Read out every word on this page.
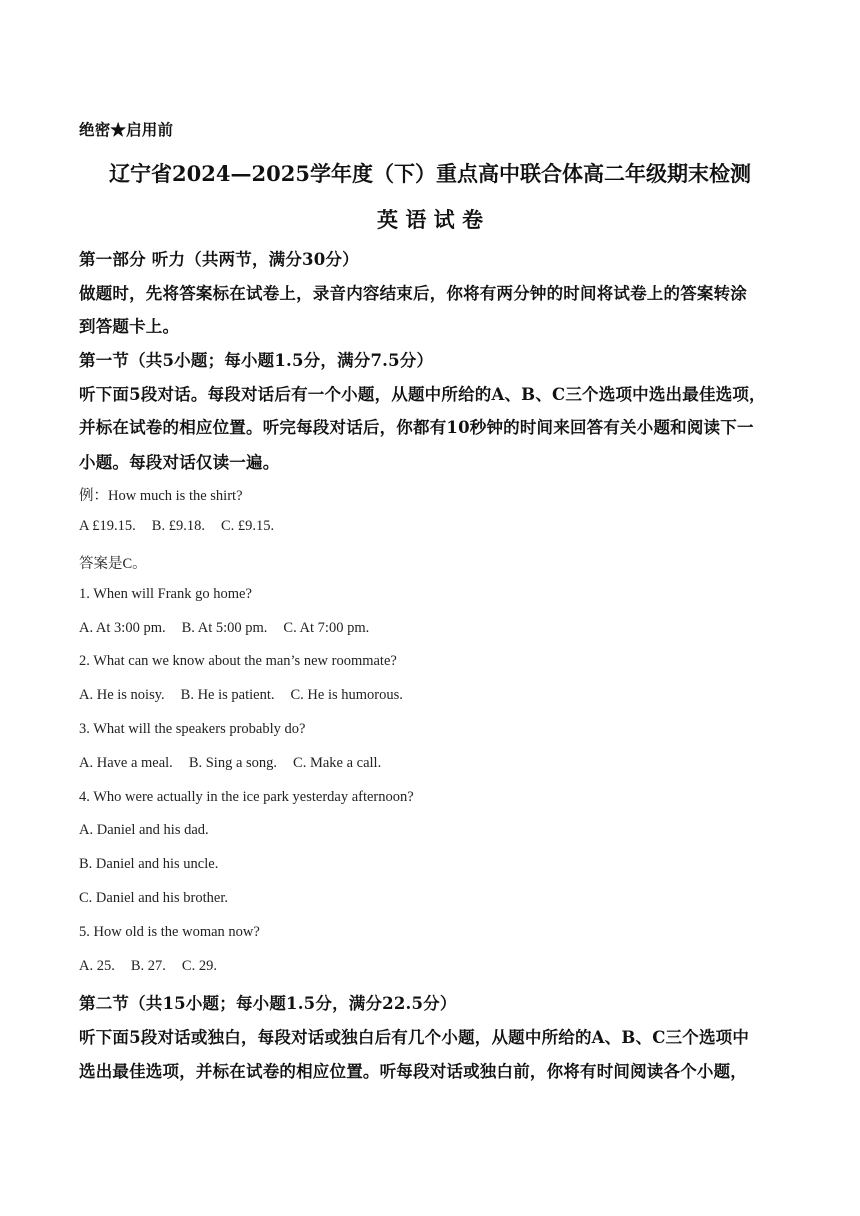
绝密★启用前
辽宁省2024—2025学年度（下）重点高中联合体高二年级期末检测
英 语 试 卷
第一部分 听力（共两节，满分30分）
做题时，先将答案标在试卷上，录音内容结束后，你将有两分钟的时间将试卷上的答案转涂
到答题卡上。
第一节（共5小题；每小题1.5分，满分7.5分）
听下面5段对话。每段对话后有一个小题，从题中所给的A、B、C三个选项中选出最佳选项，
并标在试卷的相应位置。听完每段对话后，你都有10秒钟的时间来回答有关小题和阅读下一
小题。每段对话仅读一遍。
例：How much is the shirt?
A £19.15. B. £9.18. C. £9.15.
答案是C。
1. When will Frank go home?
A. At 3:00 pm. B. At 5:00 pm. C. At 7:00 pm.
2. What can we know about the man’s new roommate?
A. He is noisy. B. He is patient. C. He is humorous.
3. What will the speakers probably do?
A. Have a meal. B. Sing a song. C. Make a call.
4. Who were actually in the ice park yesterday afternoon?
A. Daniel and his dad.
B. Daniel and his uncle.
C. Daniel and his brother.
5. How old is the woman now?
A. 25. B. 27. C. 29.
第二节（共15小题；每小题1.5分，满分22.5分）
听下面5段对话或独白，每段对话或独白后有几个小题，从题中所给的A、B、C三个选项中
选出最佳选项，并标在试卷的相应位置。听每段对话或独白前，你将有时间阅读各个小题，
